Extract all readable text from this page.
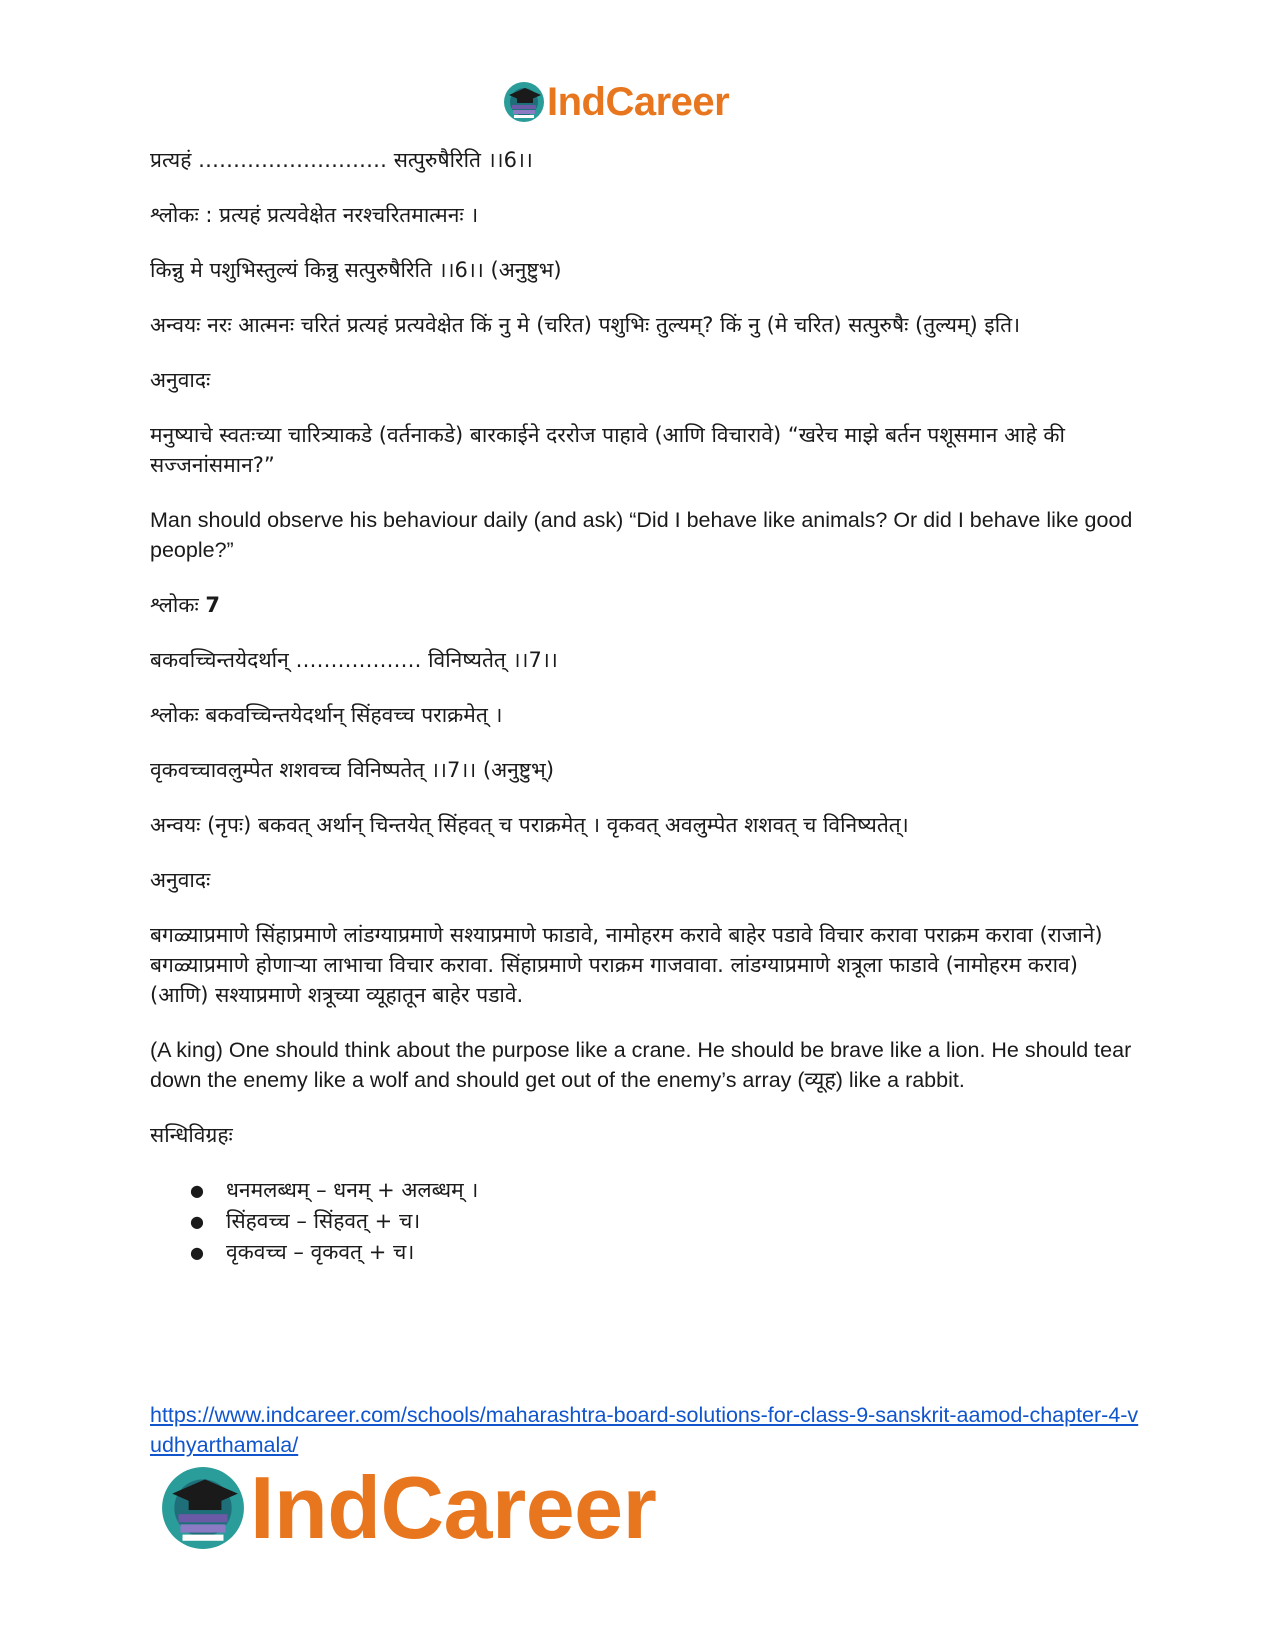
IndCareer

प्रत्यहं ……………………… सत्पुरुषैरिति ।।6।।

श्लोकः : प्रत्यहं प्रत्यवेक्षेत नरश्चरितमात्मनः ।

किन्नु मे पशुभिस्तुल्यं किन्नु सत्पुरुषैरिति ।।6।। (अनुष्टुभ)

अन्वयः नरः आत्मनः चरितं प्रत्यहं प्रत्यवेक्षेत किं नु मे (चरित) पशुभिः तुल्यम्? किं नु (मे चरित) सत्पुरुषैः (तुल्यम्) इति।

अनुवादः

मनुष्याचे स्वतःच्या चारित्र्याकडे (वर्तनाकडे) बारकाईने दररोज पाहावे (आणि विचारावे) “खरेच माझे बर्तन पशूसमान आहे की सज्जनांसमान?”

Man should observe his behaviour daily (and ask) “Did I behave like animals? Or did I behave like good people?”

श्लोकः 7

बकवच्चिन्तयेदर्थान् ……………… विनिष्यतेत् ।।7।।

श्लोकः बकवच्चिन्तयेदर्थान् सिंहवच्च पराक्रमेत् ।

वृकवच्चावलुम्पेत शशवच्च विनिष्पतेत् ।।7।। (अनुष्टुभ्)

अन्वयः (नृपः) बकवत् अर्थान् चिन्तयेत् सिंहवत् च पराक्रमेत् । वृकवत् अवलुम्पेत शशवत् च विनिष्यतेत्।

अनुवादः

बगळ्याप्रमाणे सिंहाप्रमाणे लांडग्याप्रमाणे सश्याप्रमाणे फाडावे, नामोहरम करावे बाहेर पडावे विचार करावा पराक्रम करावा (राजाने) बगळ्याप्रमाणे होणाऱ्या लाभाचा विचार करावा. सिंहाप्रमाणे पराक्रम गाजवावा. लांडग्याप्रमाणे शत्रूला फाडावे (नामोहरम कराव)(आणि) सश्याप्रमाणे शत्रूच्या व्यूहातून बाहेर पडावे.

(A king) One should think about the purpose like a crane. He should be brave like a lion. He should tear down the enemy like a wolf and should get out of the enemy’s array (व्यूह) like a rabbit.

सन्धिविग्रहः

● धनमलब्धम् – धनम् + अलब्धम् ।
● सिंहवच्च – सिंहवत् + च।
● वृकवच्च – वृकवत् + च।
https://www.indcareer.com/schools/maharashtra-board-solutions-for-class-9-sanskrit-aamod-chapter-4-vudhyarthamala/
IndCareer
